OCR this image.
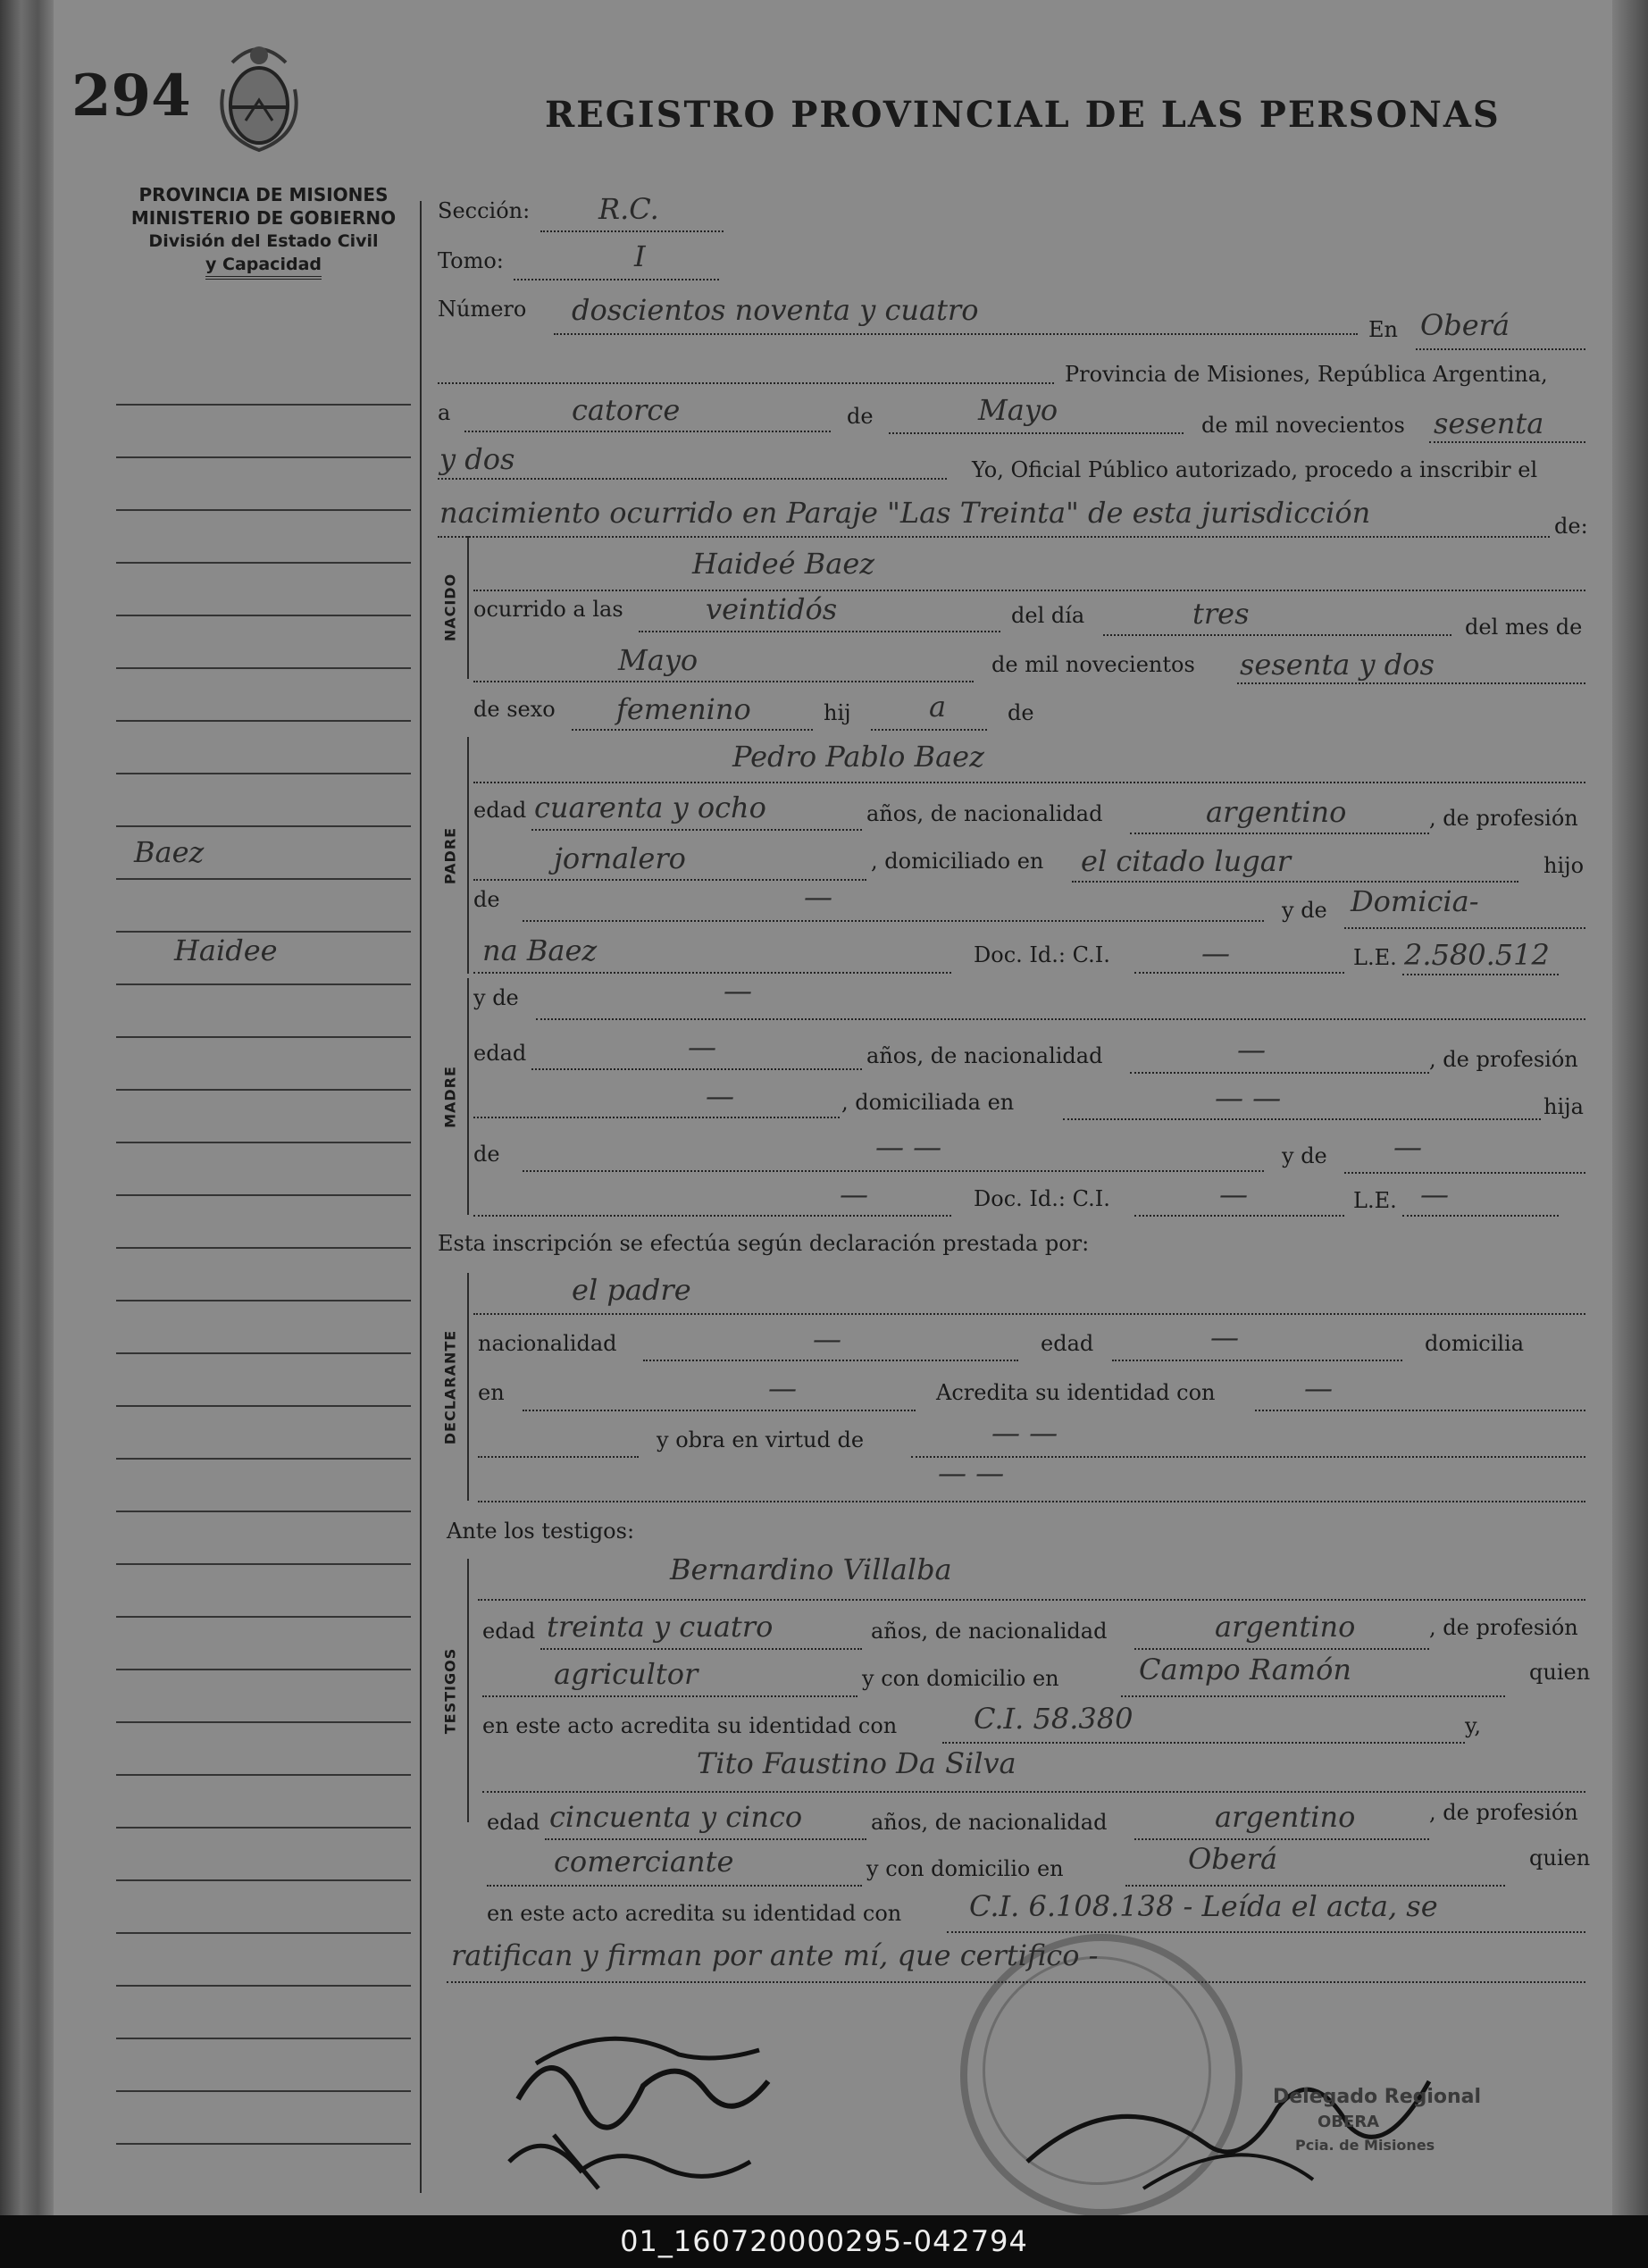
294	REGISTRO PROVINCIAL DE LAS PERSONAS
PROVINCIA DE MISIONES
MINISTERIO DE GOBIERNO
División del Estado Civil
y Capacidad
Baez
Haidee
Sección: R.C.
Tomo:	I
Número doscientos noventa y cuatro
En Oberá
Provincia de Misiones, República Argentina,
a	catorce	de	Mayo	de mil novecientos sesenta
y dos	Yo, Oficial Público autorizado, procedo a inscribir el
nacimiento ocurrido en Paraje "Las Treinta" de esta jurisdicción	de:
NACIDO
Haideé Baez
ocurrido a las	veintidós	del día	tres	del mes de
Mayo	de mil novecientos sesenta y dos
de sexo femenino	hij	a	de
PADRE
Pedro Pablo Baez
edad cuarenta y ocho	años, de nacionalidad	argentino	, de profesión
jornalero	, domiciliado en el citado lugar	hijo
de	—	y de Domicia-
na Baez	Doc. Id.: C.I.	—	L.E. 2.580.512
MADRE
y de	—
edad	—	años, de nacionalidad	—	, de profesión
—	, domiciliada en	— —	hija
de	— —	y de —
—	Doc. Id.: C.I.	—	L.E. —
Esta inscripción se efectúa según declaración prestada por:
DECLARANTE
el padre
nacionalidad	—	edad	—	domicilia
en	—	Acredita su identidad con	—
y obra en virtud de	— —
— —
Ante los testigos:
TESTIGOS
Bernardino Villalba
edad treinta y cuatro	años, de nacionalidad	argentino	, de profesión
agricultor	y con domicilio en	Campo Ramón	quien
en este acto acredita su identidad con	C.I. 58.380	y,
Tito Faustino Da Silva
edad cincuenta y cinco	años, de nacionalidad	argentino	, de profesión
comerciante	y con domicilio en	Oberá	quien
en este acto acredita su identidad con C.I. 6.108.138 - Leída el acta, se
ratifican y firman por ante mí, que certifico -
Delegado Regional
OBERA
Pcia. de Misiones
01_160720000295-042794
